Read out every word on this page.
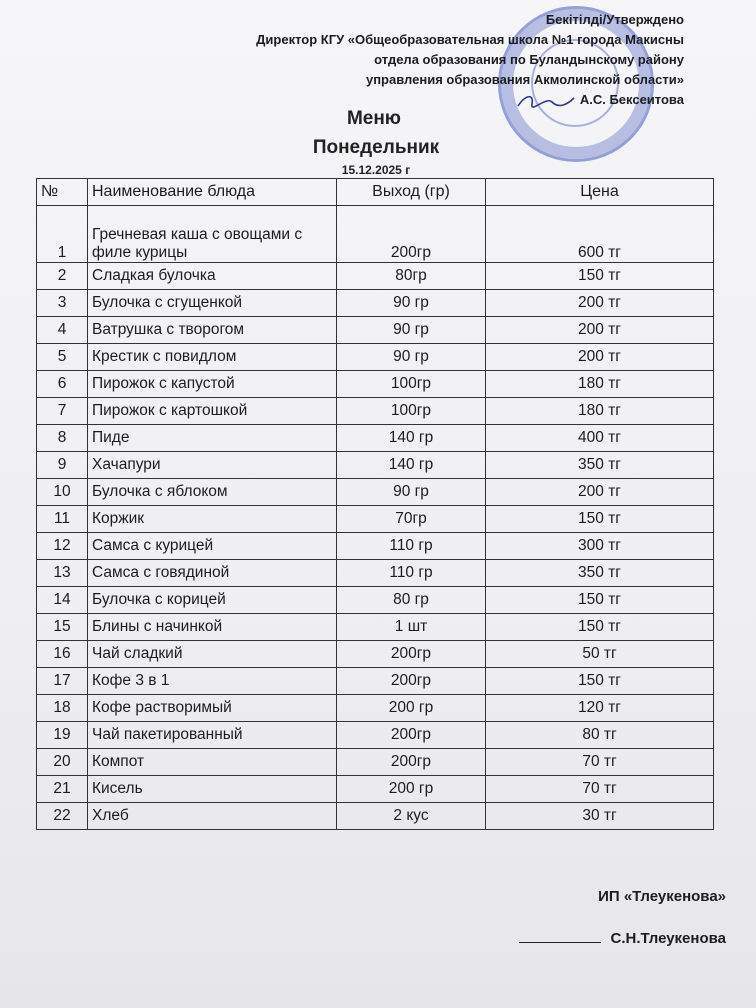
Бекітілді/Утверждено
Директор КГУ «Общеобразовательная школа №1 города Макисны
отдела образования по Буландынскому району
управления образования Акмолинской области»
А.С. Бексеитова
Меню
Понедельник
15.12.2025 г
№	Наименование блюда	Выход (гр)	Цена
1	Гречневая каша с овощами с филе курицы	200гр	600 тг
2	Сладкая булочка	80гр	150 тг
3	Булочка с сгущенкой	90 гр	200 тг
4	Ватрушка с творогом	90 гр	200 тг
5	Крестик с повидлом	90 гр	200 тг
6	Пирожок с капустой	100гр	180 тг
7	Пирожок с картошкой	100гр	180 тг
8	Пиде	140 гр	400 тг
9	Хачапури	140 гр	350 тг
10	Булочка с яблоком	90 гр	200 тг
11	Коржик	70гр	150 тг
12	Самса с курицей	110 гр	300 тг
13	Самса с говядиной	110 гр	350 тг
14	Булочка с корицей	80 гр	150 тг
15	Блины с начинкой	1 шт	150 тг
16	Чай сладкий	200гр	50 тг
17	Кофе 3 в 1	200гр	150 тг
18	Кофе растворимый	200 гр	120 тг
19	Чай пакетированный	200гр	80 тг
20	Компот	200гр	70 тг
21	Кисель	200 гр	70 тг
22	Хлеб	2 кус	30 тг
ИП «Тлеукенова»
С.Н.Тлеукенова
